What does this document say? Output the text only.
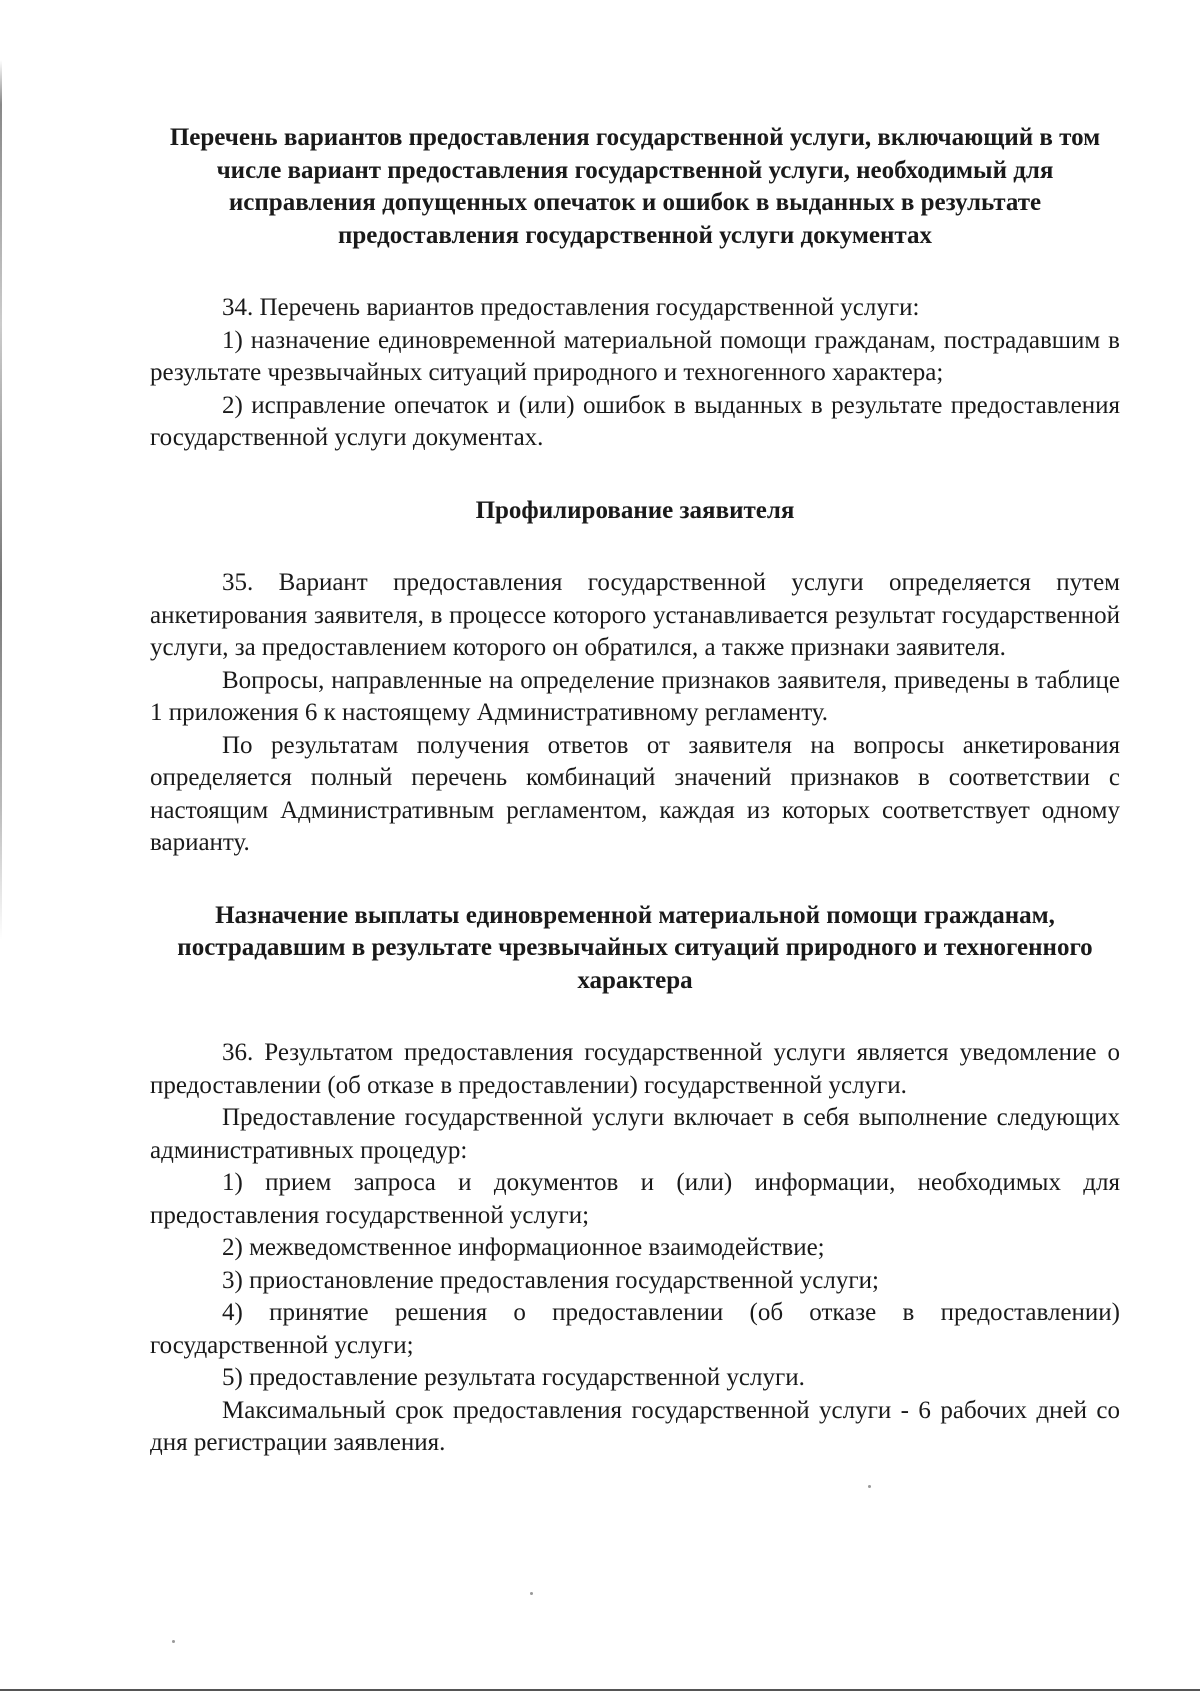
Перечень вариантов предоставления государственной услуги, включающий в том числе вариант предоставления государственной услуги, необходимый для исправления допущенных опечаток и ошибок в выданных в результате предоставления государственной услуги документах

34. Перечень вариантов предоставления государственной услуги:

1) назначение единовременной материальной помощи гражданам, пострадавшим в результате чрезвычайных ситуаций природного и техногенного характера;

2) исправление опечаток и (или) ошибок в выданных в результате предоставления государственной услуги документах.

Профилирование заявителя

35. Вариант предоставления государственной услуги определяется путем анкетирования заявителя, в процессе которого устанавливается результат государственной услуги, за предоставлением которого он обратился, а также признаки заявителя.

Вопросы, направленные на определение признаков заявителя, приведены в таблице 1 приложения 6 к настоящему Административному регламенту.

По результатам получения ответов от заявителя на вопросы анкетирования определяется полный перечень комбинаций значений признаков в соответствии с настоящим Административным регламентом, каждая из которых соответствует одному варианту.

Назначение выплаты единовременной материальной помощи гражданам, пострадавшим в результате чрезвычайных ситуаций природного и техногенного характера

36. Результатом предоставления государственной услуги является уведомление о предоставлении (об отказе в предоставлении) государственной услуги.

Предоставление государственной услуги включает в себя выполнение следующих административных процедур:

1) прием запроса и документов и (или) информации, необходимых для предоставления государственной услуги;

2) межведомственное информационное взаимодействие;

3) приостановление предоставления государственной услуги;

4) принятие решения о предоставлении (об отказе в предоставлении) государственной услуги;

5) предоставление результата государственной услуги.

Максимальный срок предоставления государственной услуги - 6 рабочих дней со дня регистрации заявления.
